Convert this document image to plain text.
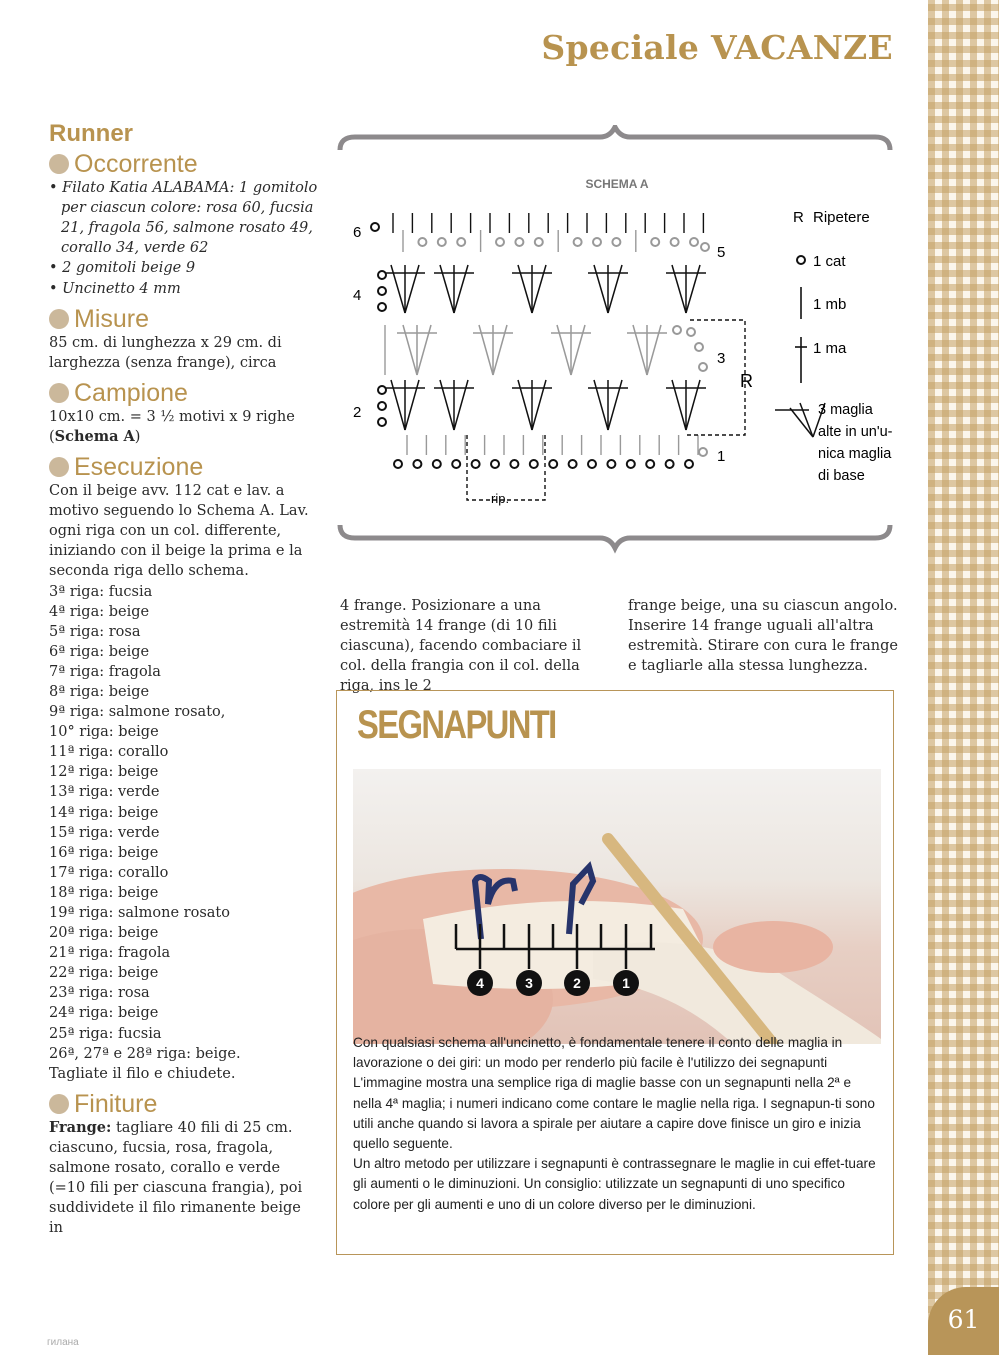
61
Speciale VACANZE
Runner
Occorrente
• Filato Katia ALABAMA: 1 gomitolo per ciascun colore: rosa 60, fucsia 21, fragola 56, salmone rosato 49, corallo 34, verde 62
• 2 gomitoli beige 9
• Uncinetto 4 mm
Misure
85 cm. di lunghezza x 29 cm. di larghezza (senza frange), circa
Campione
10x10 cm. = 3 ½ motivi x 9 righe
(Schema A)
Esecuzione
Con il beige avv. 112 cat e lav. a motivo seguendo lo Schema A. Lav. ogni riga con un col. differente, iniziando con il beige la prima e la seconda riga dello schema.
3ª riga: fucsia
4ª riga: beige
5ª riga: rosa
6ª riga: beige
7ª riga: fragola
8ª riga: beige
9ª riga: salmone rosato,
10° riga: beige
11ª riga: corallo
12ª riga: beige
13ª riga: verde
14ª riga: beige
15ª riga: verde
16ª riga: beige
17ª riga: corallo
18ª riga: beige
19ª riga: salmone rosato
20ª riga: beige
21ª riga: fragola
22ª riga: beige
23ª riga: rosa
24ª riga: beige
25ª riga: fucsia
26ª, 27ª e 28ª riga: beige.
Tagliate il filo e chiudete.
Finiture
Frange: tagliare 40 fili di 25 cm. ciascuno, fucsia, rosa, fragola, salmone rosato, corallo e verde (=10 fili per ciascuna frangia), poi suddividete il filo rimanente beige in
4 frange. Posizionare a una estremità 14 frange (di 10 fili ciascuna), facendo combaciare il col. della frangia con il col. della riga, ins le 2
frange beige, una su ciascun angolo. Inserire 14 frange uguali all'altra estremità. Stirare con cura le frange e tagliarle alla stessa lunghezza.
SCHEMA A
6
4
2
5
3
R
1
rip.
R Ripetere
1 cat
1 mb
1 ma
3 maglia
alte in un'u-
nica maglia
di base
SEGNAPUNTI
4	3	2	1
Con qualsiasi schema all'uncinetto, è fondamentale tenere il conto delle maglia in lavorazione o dei giri: un modo per renderlo più facile è l'utilizzo dei segnapunti L'immagine mostra una semplice riga di maglie basse con un segnapunti nella 2ª e nella 4ª maglia; i numeri indicano come contare le maglie nella riga. I segnapun-ti sono utili anche quando si lavora a spirale per aiutare a capire dove finisce un giro e inizia quello seguente.
Un altro metodo per utilizzare i segnapunti è contrassegnare le maglie in cui effet-tuare gli aumenti o le diminuzioni. Un consiglio: utilizzate un segnapunti di uno specifico colore per gli aumenti e uno di un colore diverso per le diminuzioni.
гилана
